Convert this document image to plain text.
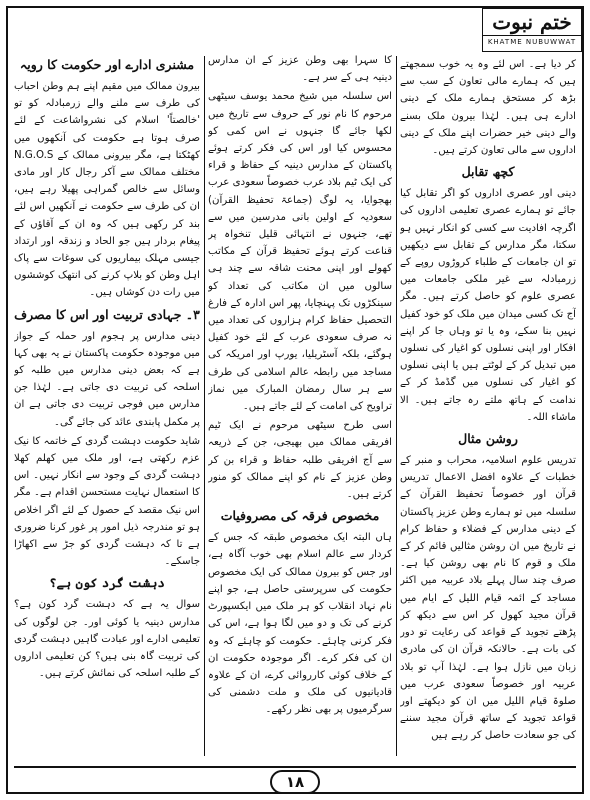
ختم نبوت
KHATME NUBUWWAT

کر دیا ہے۔ اس لئے وہ یہ خوب سمجھتے ہیں کہ ہمارے مالی تعاون کے سب سے بڑھ کر مستحق ہمارے ملک کے دینی ادارے ہی ہیں۔ لہٰذا بیرون ملک بسنے والے دینی خیر حضرات اپنے ملک کے دینی اداروں سے مالی تعاون کرتے ہیں۔

کچھ تقابل

دینی اور عصری اداروں کو اگر تقابل کیا جائے تو ہمارے عصری تعلیمی اداروں کی اگرچہ افادیت سے کسی کو انکار نہیں ہو سکتا، مگر مدارس کے تقابل سے دیکھیں تو ان جامعات کے طلباء کروڑوں روپے کے زرمبادلہ سے غیر ملکی جامعات میں عصری علوم کو حاصل کرتے ہیں۔ مگر آج تک کسی میدان میں ملک کو خود کفیل نہیں بنا سکے، وہ یا تو وہاں جا کر اپنے افکار اور اپنی نسلوں کو اغیار کی نسلوں میں تبدیل کر کے لوٹتے ہیں یا اپنی نسلوں کو اغیار کی نسلوں میں گڈمڈ کر کے ندامت کے ہاتھ ملتے رہ جاتے ہیں۔ الا ماشاء اللہ۔

روشن مثال

تدریس علوم اسلامیہ، محراب و منبر کے خطبات کے علاوہ افضل الاعمال تدریس قرآن اور خصوصاً تحفیظ القرآن کے سلسلہ میں تو ہمارے وطن عزیز پاکستان کے دینی مدارس کے فضلاء و حفاظ کرام نے تاریخ میں ان روشن مثالیں قائم کر کے ملک و قوم کا نام بھی روشن کیا ہے۔ صرف چند سال پہلے بلاد عربیہ میں اکثر مساجد کے ائمہ قیام اللیل کے ایام میں قرآن مجید کھول کر اس سے دیکھ کر پڑھتے تجوید کے قواعد کی رعایت تو دور کی بات ہے۔ حالانکہ قرآن ان کی مادری زبان میں نازل ہوا ہے۔ لہٰذا آپ تو بلاد عربیہ اور خصوصاً سعودی عرب میں صلوۃ قیام اللیل میں ان کو دیکھتے اور قواعد تجوید کے ساتھ قرآن مجید سننے کی جو سعادت حاصل کر رہے ہیں

کا سہرا بھی وطن عزیز کے ان مدارس دینیہ ہی کے سر ہے۔

اس سلسلہ میں شیخ محمد یوسف سیٹھی مرحوم کا نام نور کے حروف سے تاریخ میں لکھا جائے گا جنہوں نے اس کمی کو محسوس کیا اور اس کی فکر کرتے ہوئے پاکستان کے مدارس دینیہ کے حفاظ و قراء کی ایک ٹیم بلاد عرب خصوصاً سعودی عرب بھجوایا، یہ لوگ (جماعۃ تحفیظ القرآن) سعودیہ کے اولین بانی مدرسین میں سے تھے، جنہوں نے انتہائی قلیل تنخواہ پر قناعت کرتے ہوئے تحفیظ قرآن کے مکاتب کھولے اور اپنی محنت شاقہ سے چند ہی سالوں میں ان مکاتب کی تعداد کو سینکڑوں تک پہنچایا، پھر اس ادارہ کے فارغ التحصیل حفاظ کرام ہزاروں کی تعداد میں نہ صرف سعودی عرب کے لئے خود کفیل ہوگئے، بلکہ آسٹریلیا، یورپ اور امریکہ کی مساجد میں رابطہ عالم اسلامی کی طرف سے ہر سال رمضان المبارک میں نماز تراویح کی امامت کے لئے جاتے ہیں۔

اسی طرح سیٹھی مرحوم نے ایک ٹیم افریقی ممالک میں بھیجی، جن کے ذریعہ سے آج افریقی طلبہ حفاظ و قراء بن کر وطن عزیز کے نام کو اپنے ممالک کو منور کرتے ہیں۔

مخصوص فرقہ کی مصروفیات

ہاں البتہ ایک مخصوص طبقہ کہ جس کے کردار سے عالم اسلام بھی خوب آگاہ ہے، اور جس کو بیرون ممالک کی ایک مخصوص حکومت کی سرپرستی حاصل ہے، جو اپنے نام نہاد انقلاب کو ہر ملک میں ایکسپورٹ کرنے کی تک و دو میں لگا ہوا ہے، اس کی فکر کرنی چاہئے۔ حکومت کو چاہئے کہ وہ ان کی فکر کرے۔ اگر موجودہ حکومت ان کے خلاف کوئی کارروائی کرے، ان کے علاوہ قادیانیوں کی ملک و ملت دشمنی کی سرگرمیوں پر بھی نظر رکھے۔

مشنری ادارے اور حکومت کا رویہ

بیرون ممالک میں مقیم اپنے ہم وطن احباب کی طرف سے ملنے والے زرمبادلہ کو تو 'خالصتاً' اسلام کی نشرواشاعت کے لئے صرف ہوتا ہے حکومت کی آنکھوں میں کھٹکتا ہے، مگر بیرونی ممالک کے N.G.O.S مختلف ممالک سے آکر رجال کار اور مادی وسائل سے خالص گمراہی پھیلا رہے ہیں، ان کی طرف سے حکومت نے آنکھیں اس لئے بند کر رکھی ہیں کہ وہ ان کے آقاؤں کے پیغام بردار ہیں جو الحاد و زندقہ اور ارتداد جیسی مہلک بیماریوں کی سوغات سے پاک اہل وطن کو بلاپ کرنے کی انتھک کوششوں میں رات دن کوشاں ہیں۔

۳۔ جہادی تربیت اور اس کا مصرف

دینی مدارس پر ہجوم اور حملہ کے جواز میں موجودہ حکومت پاکستان نے یہ بھی کہا ہے کہ بعض دینی مدارس میں طلبہ کو اسلحہ کی تربیت دی جاتی ہے۔ لہٰذا جن مدارس میں فوجی تربیت دی جاتی ہے ان پر مکمل پابندی عائد کی جائے گی۔

شاید حکومت دہشت گردی کے خاتمہ کا نیک عزم رکھتی ہے، اور ملک میں کھلم کھلا دہشت گردی کے وجود سے انکار نہیں۔ اس کا استعمال نہایت مستحسن اقدام ہے۔ مگر اس نیک مقصد کے حصول کے لئے اگر اخلاص ہو تو مندرجہ ذیل امور پر غور کرنا ضروری ہے تا کہ دہشت گردی کو جڑ سے اکھاڑا جاسکے۔

دہشت گرد کون ہے؟

سوال یہ ہے کہ دہشت گرد کون ہے؟ مدارس دینیہ یا کوئی اور۔ جن لوگوں کی تعلیمی ادارے اور عبادت گاہیں دہشت گردی کی تربیت گاہ بنی ہیں؟ کن تعلیمی اداروں کے طلبہ اسلحہ کی نمائش کرتے ہیں۔

۱۸
